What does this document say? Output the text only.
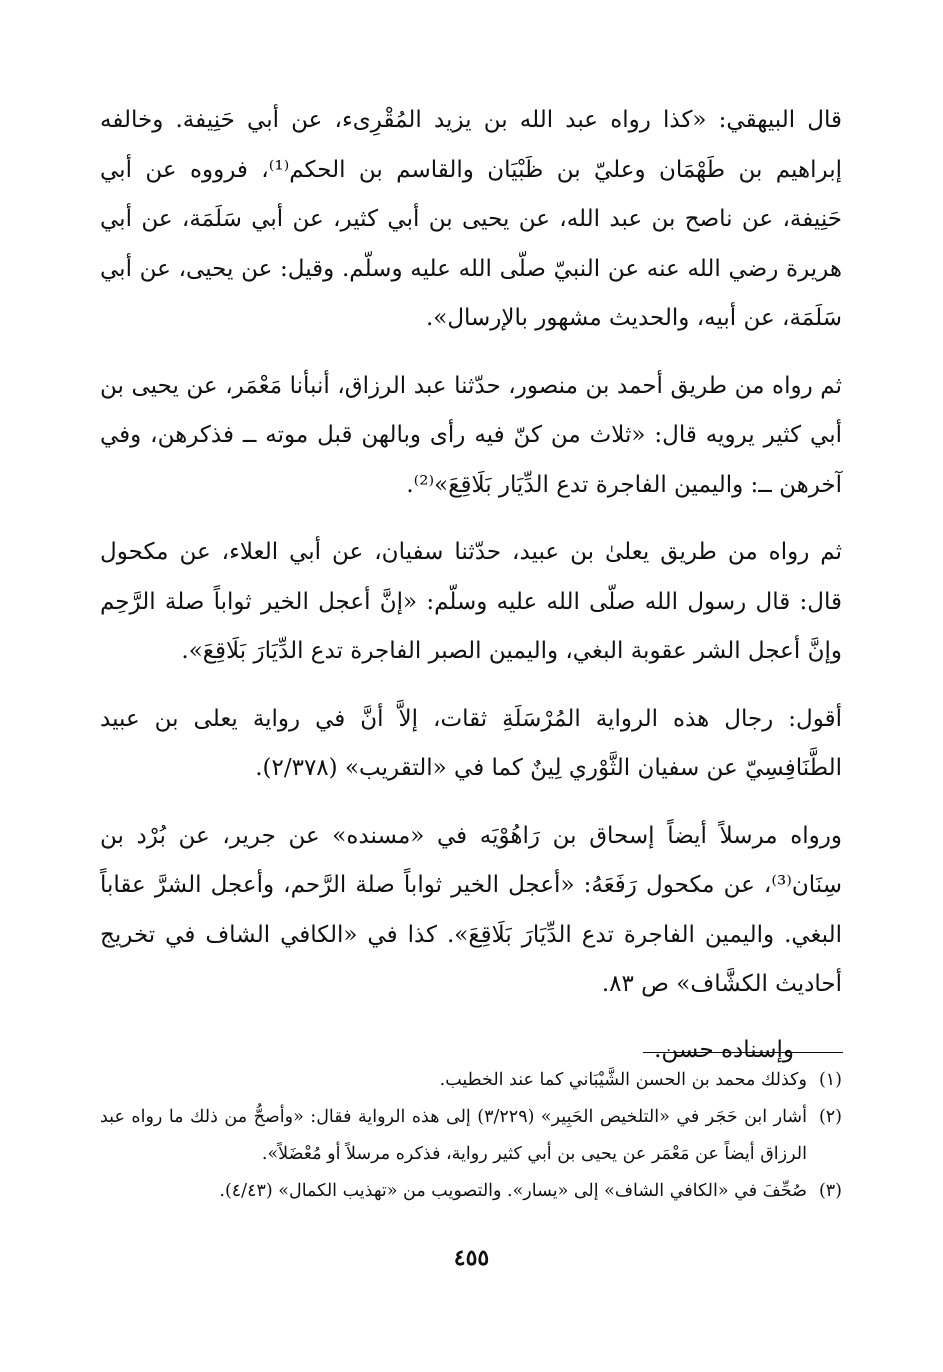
قال البيهقي: «كذا رواه عبد الله بن يزيد المُقْرِىء، عن أبي حَنِيفة. وخالفه إبراهيم بن طَهْمَان وعليّ بن ظَبْيَان والقاسم بن الحكم⁽¹⁾، فرووه عن أبي حَنِيفة، عن ناصح بن عبد الله، عن يحيى بن أبي كثير، عن أبي سَلَمَة، عن أبي هريرة رضي الله عنه عن النبيّ صلّى الله عليه وسلّم. وقيل: عن يحيى، عن أبي سَلَمَة، عن أبيه، والحديث مشهور بالإرسال».

ثم رواه من طريق أحمد بن منصور، حدّثنا عبد الرزاق، أنبأنا مَعْمَر، عن يحيى بن أبي كثير يرويه قال: «ثلاث من كنّ فيه رأى وبالهن قبل موته ــ فذكرهن، وفي آخرهن ــ: واليمين الفاجرة تدع الدِّيَار بَلَاقِعَ»⁽²⁾.

ثم رواه من طريق يعلىٰ بن عبيد، حدّثنا سفيان، عن أبي العلاء، عن مكحول قال: قال رسول الله صلّى الله عليه وسلّم: «إنَّ أعجل الخير ثواباً صلة الرَّحِم وإنَّ أعجل الشر عقوبة البغي، واليمين الصبر الفاجرة تدع الدِّيَارَ بَلَاقِعَ».

أقول: رجال هذه الرواية المُرْسَلَةِ ثقات، إلاَّ أنَّ في رواية يعلى بن عبيد الطَّنَافِسِيّ عن سفيان الثَّوْري لِينٌ كما في «التقريب» (٢/٣٧٨).

ورواه مرسلاً أيضاً إسحاق بن رَاهُوْيَه في «مسنده» عن جرير، عن بُرْد بن سِنَان⁽³⁾، عن مكحول رَفَعَهُ: «أعجل الخير ثواباً صلة الرَّحم، وأعجل الشرَّ عقاباً البغي. واليمين الفاجرة تدع الدِّيَارَ بَلَاقِعَ». كذا في «الكافي الشاف في تخريج أحاديث الكشَّاف» ص ٨٣.

وإسناده حسن.

(١)
وكذلك محمد بن الحسن الشَّيْبَاني كما عند الخطيب.
(٢)
أشار ابن حَجَر في «التلخيص الحَبِير» (٣/٢٢٩) إلى هذه الرواية فقال: «وأصحُّ من ذلك ما رواه عبد الرزاق أيضاً عن مَعْمَر عن يحيى بن أبي كثير رواية، فذكره مرسلاً أو مُعْضَلاً».
(٣)
صُحِّفَ في «الكافي الشاف» إلى «يسار». والتصويب من «تهذيب الكمال» (٤/٤٣).
٤٥٥
